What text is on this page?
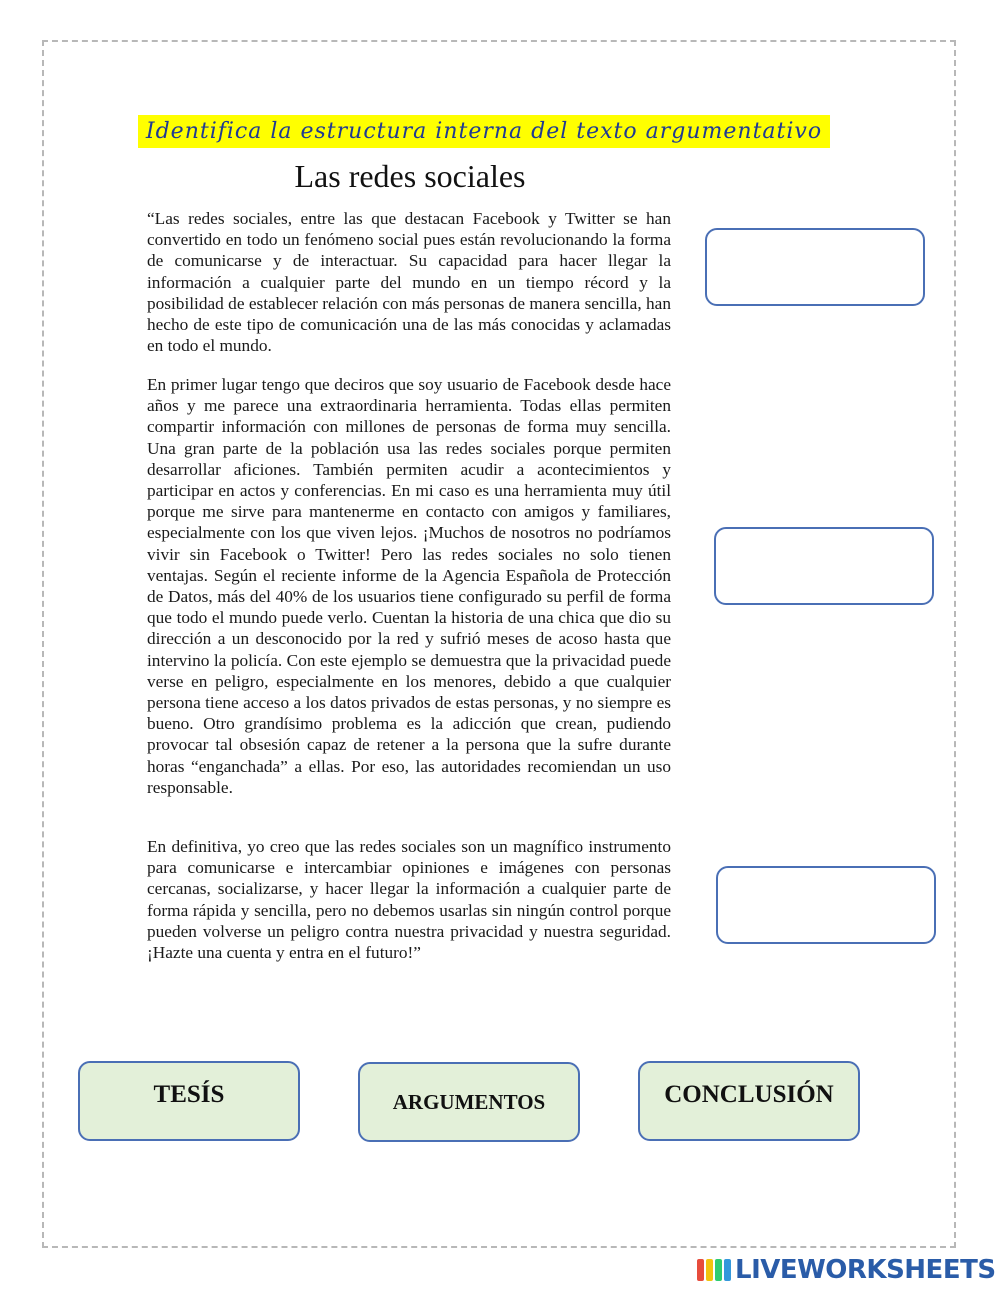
Identifica la estructura interna del texto argumentativo
Las redes sociales

“Las redes sociales, entre las que destacan Facebook y Twitter se han convertido en todo un fenómeno social pues están revolucionando la forma de comunicarse y de interactuar. Su capacidad para hacer llegar la información a cualquier parte del mundo en un tiempo récord y la posibilidad de establecer relación con más personas de manera sencilla, han hecho de este tipo de comunicación una de las más conocidas y aclamadas en todo el mundo.

En primer lugar tengo que deciros que soy usuario de Facebook desde hace años y me parece una extraordinaria herramienta. Todas ellas permiten compartir información con millones de personas de forma muy sencilla. Una gran parte de la población usa las redes sociales porque permiten desarrollar aficiones. También permiten acudir a acontecimientos y participar en actos y conferencias. En mi caso es una herramienta muy útil porque me sirve para mantenerme en contacto con amigos y familiares, especialmente con los que viven lejos. ¡Muchos de nosotros no podríamos vivir sin Facebook o Twitter! Pero las redes sociales no solo tienen ventajas. Según el reciente informe de la Agencia Española de Protección de Datos, más del 40% de los usuarios tiene configurado su perfil de forma que todo el mundo puede verlo. Cuentan la historia de una chica que dio su dirección a un desconocido por la red y sufrió meses de acoso hasta que intervino la policía. Con este ejemplo se demuestra que la privacidad puede verse en peligro, especialmente en los menores, debido a que cualquier persona tiene acceso a los datos privados de estas personas, y no siempre es bueno. Otro grandísimo problema es la adicción que crean, pudiendo provocar tal obsesión capaz de retener a la persona que la sufre durante horas “enganchada” a ellas. Por eso, las autoridades recomiendan un uso responsable.

En definitiva, yo creo que las redes sociales son un magnífico instrumento para comunicarse e intercambiar opiniones e imágenes con personas cercanas, socializarse, y hacer llegar la información a cualquier parte de forma rápida y sencilla, pero no debemos usarlas sin ningún control porque pueden volverse un peligro contra nuestra privacidad y nuestra seguridad. ¡Hazte una cuenta y entra en el futuro!”

TESÍS	ARGUMENTOS	CONCLUSIÓN
LIVEWORKSHEETS
